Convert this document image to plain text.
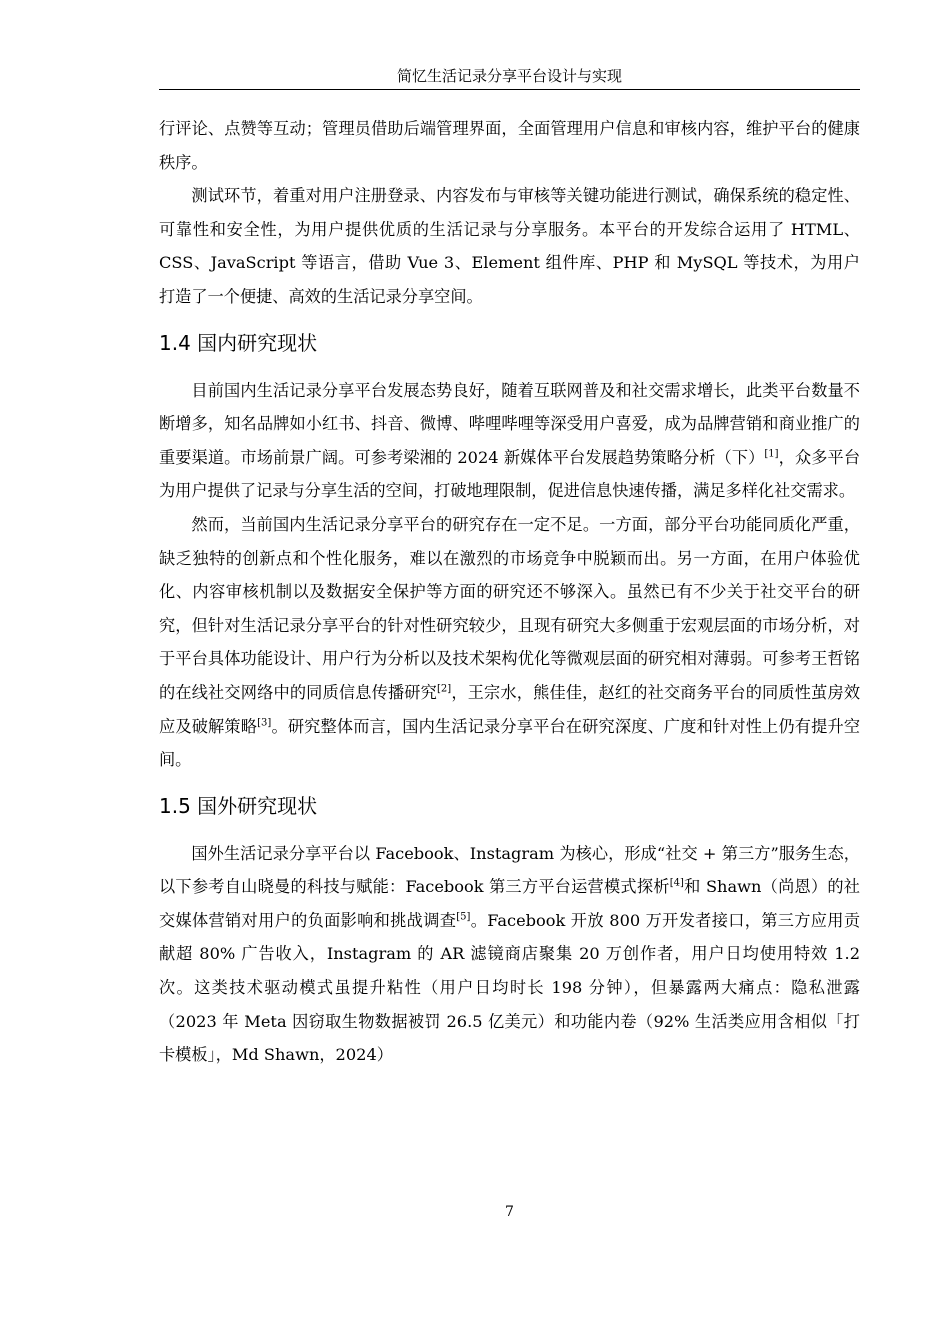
简忆生活记录分享平台设计与实现

行评论、点赞等互动；管理员借助后端管理界面，全面管理用户信息和审核内容，维护平台的健康秩序。

测试环节，着重对用户注册登录、内容发布与审核等关键功能进行测试，确保系统的稳定性、可靠性和安全性，为用户提供优质的生活记录与分享服务。本平台的开发综合运用了 HTML、CSS、JavaScript 等语言，借助 Vue 3、Element 组件库、PHP 和 MySQL 等技术，为用户打造了一个便捷、高效的生活记录分享空间。

1.4 国内研究现状

目前国内生活记录分享平台发展态势良好，随着互联网普及和社交需求增长，此类平台数量不断增多，知名品牌如小红书、抖音、微博、哔哩哔哩等深受用户喜爱，成为品牌营销和商业推广的重要渠道。市场前景广阔。可参考梁湘的 2024 新媒体平台发展趋势策略分析（下）[1]，众多平台为用户提供了记录与分享生活的空间，打破地理限制，促进信息快速传播，满足多样化社交需求。

然而，当前国内生活记录分享平台的研究存在一定不足。一方面，部分平台功能同质化严重，缺乏独特的创新点和个性化服务，难以在激烈的市场竞争中脱颖而出。另一方面，在用户体验优化、内容审核机制以及数据安全保护等方面的研究还不够深入。虽然已有不少关于社交平台的研究，但针对生活记录分享平台的针对性研究较少，且现有研究大多侧重于宏观层面的市场分析，对于平台具体功能设计、用户行为分析以及技术架构优化等微观层面的研究相对薄弱。可参考王哲铭的在线社交网络中的同质信息传播研究[2]，王宗水，熊佳佳，赵红的社交商务平台的同质性茧房效应及破解策略[3]。研究整体而言，国内生活记录分享平台在研究深度、广度和针对性上仍有提升空间。

1.5 国外研究现状

国外生活记录分享平台以 Facebook、Instagram 为核心，形成“社交 + 第三方”服务生态，以下参考自山晓曼的科技与赋能：Facebook 第三方平台运营模式探析[4]和 Shawn（尚恩）的社交媒体营销对用户的负面影响和挑战调查[5]。Facebook 开放 800 万开发者接口，第三方应用贡献超 80% 广告收入，Instagram 的 AR 滤镜商店聚集 20 万创作者，用户日均使用特效 1.2 次。这类技术驱动模式虽提升粘性（用户日均时长 198 分钟），但暴露两大痛点：隐私泄露（2023 年 Meta 因窃取生物数据被罚 26.5 亿美元）和功能内卷（92% 生活类应用含相似「打卡模板」，Md Shawn，2024）

7
